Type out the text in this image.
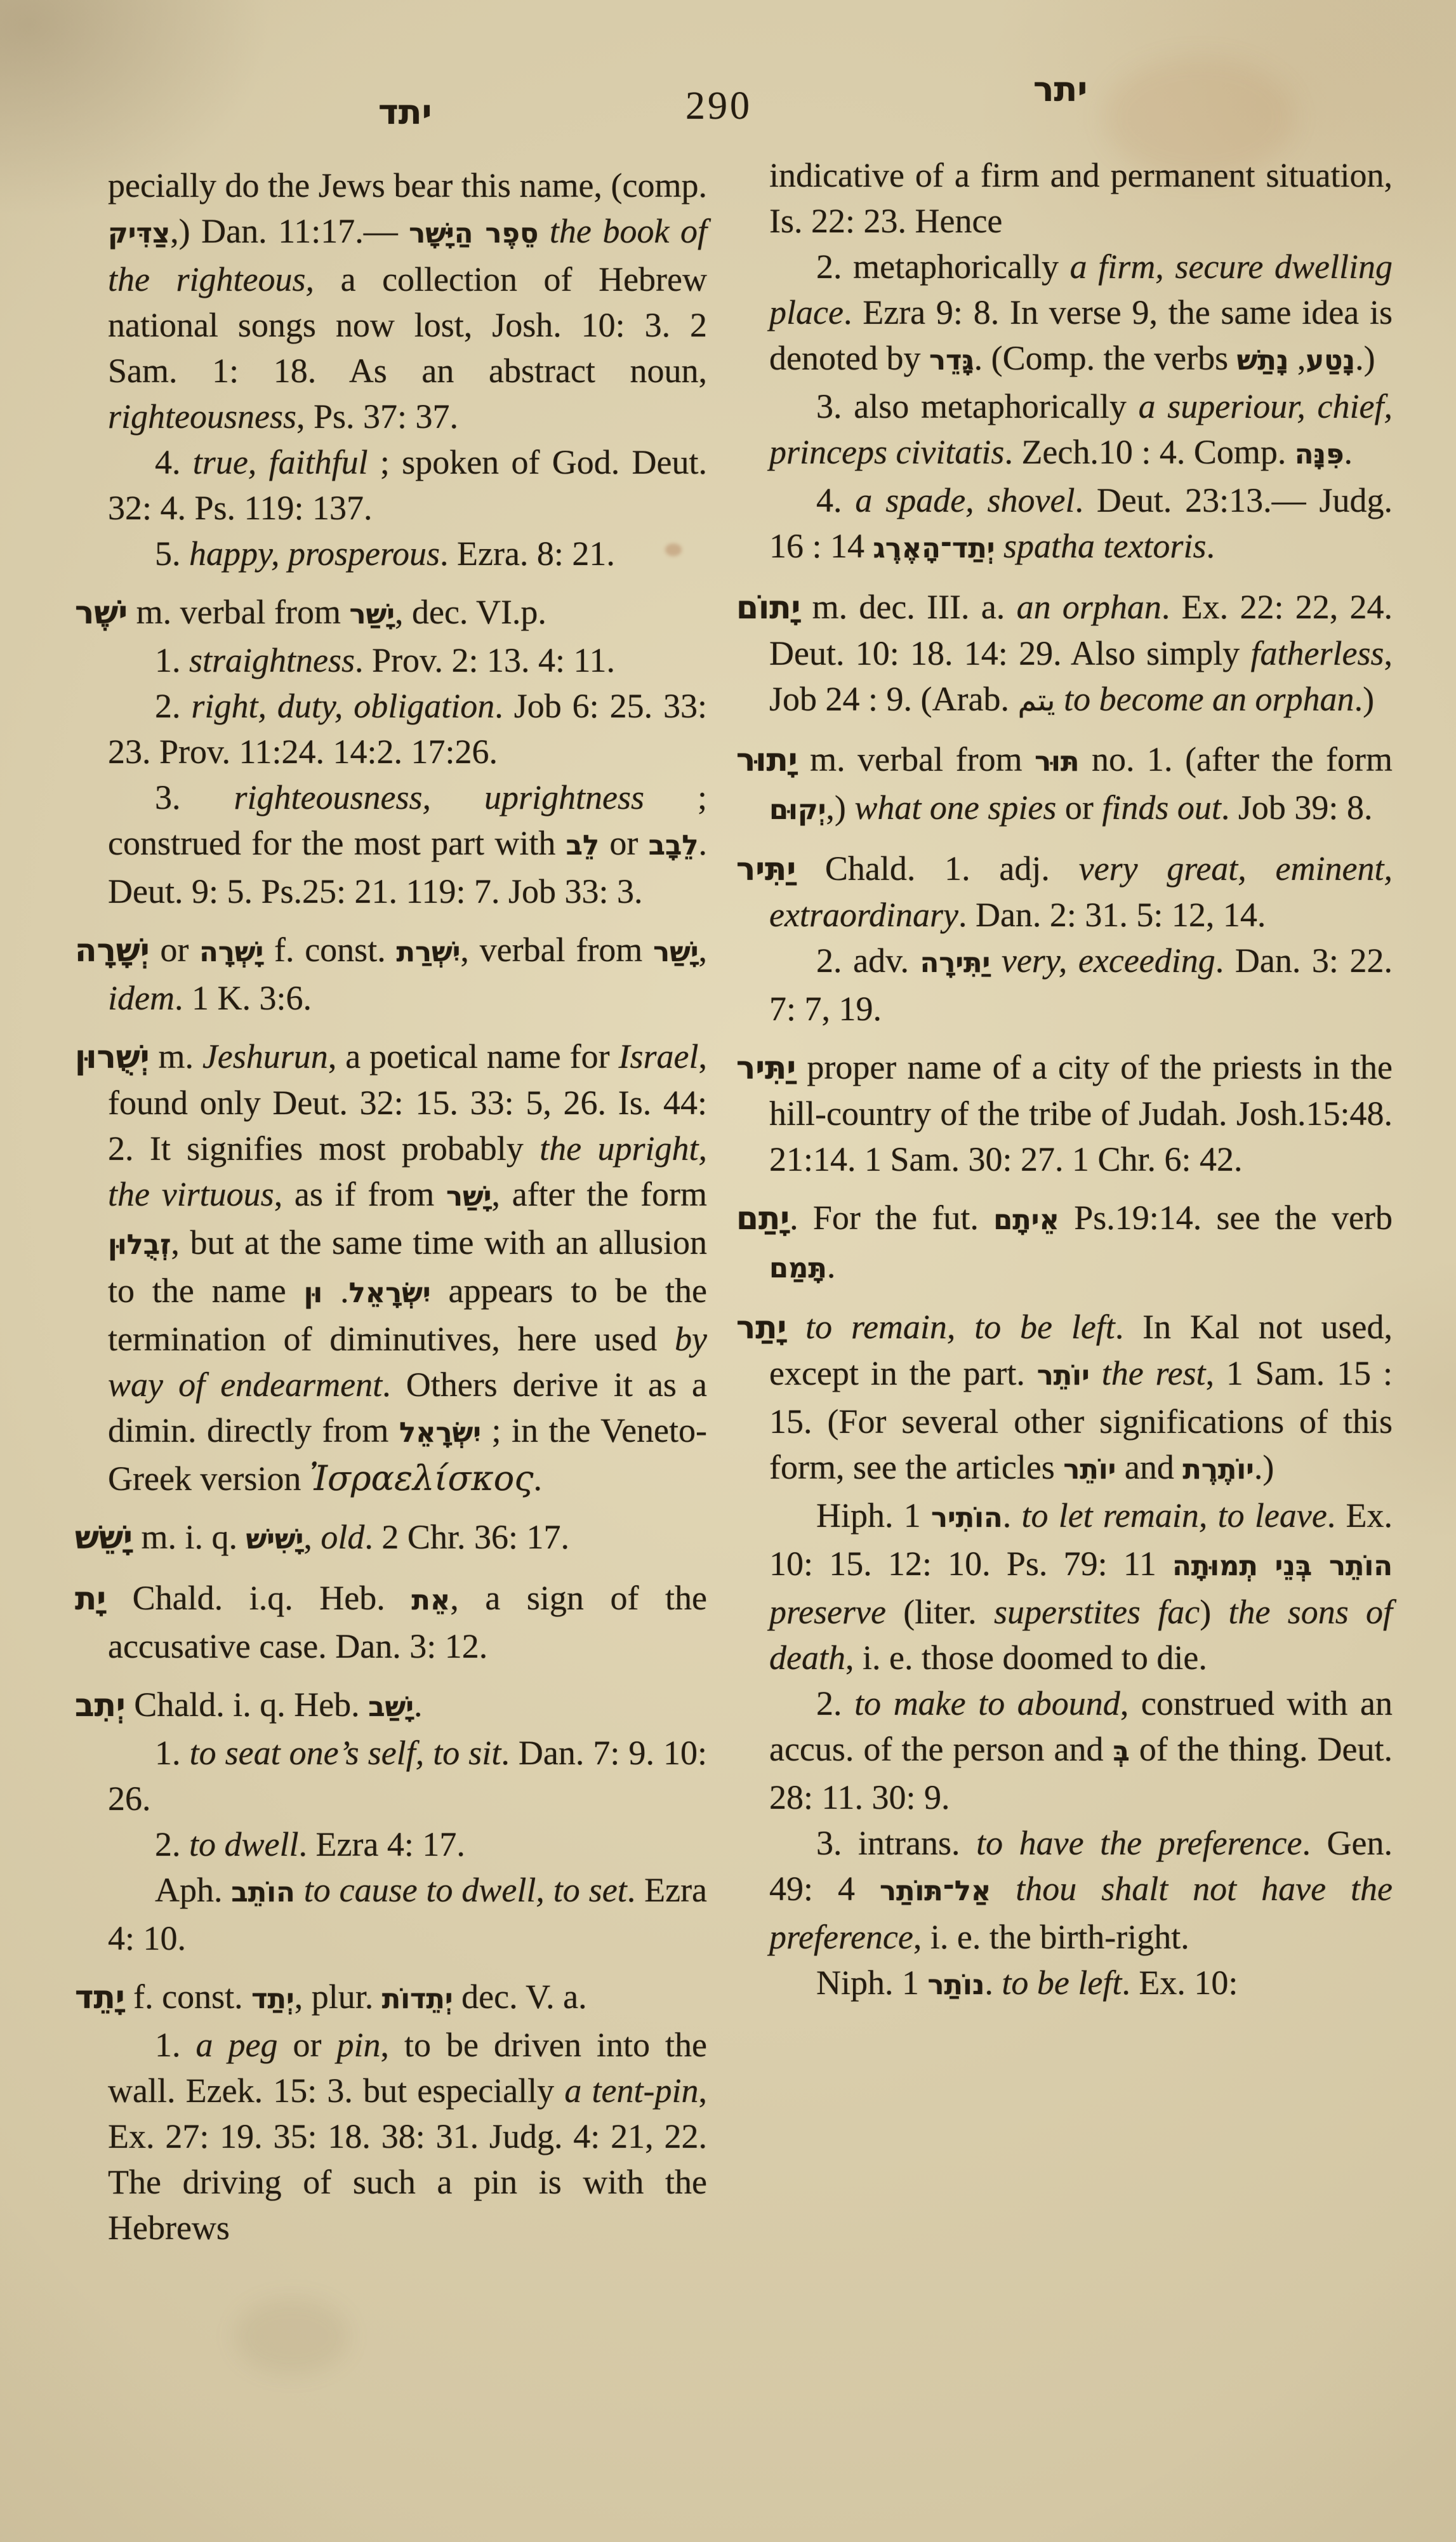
יתד	290	יתר

pecially do the Jews bear this name, (comp. צַדִּיק,) Dan. 11:17.— סֵפֶר הַיָּשָׁר the book of the righteous, a collection of Hebrew national songs now lost, Josh. 10: 3. 2 Sam. 1: 18. As an abstract noun, righteousness, Ps. 37: 37.

4. true, faithful ; spoken of God. Deut. 32: 4. Ps. 119: 137.

5. happy, prosperous. Ezra. 8: 21.

יֹשֶׁר m. verbal from יָשַׁר, dec. VI.p.

1. straightness. Prov. 2: 13. 4: 11.

2. right, duty, obligation. Job 6: 25. 33: 23. Prov. 11:24. 14:2. 17:26.

3. righteousness, uprightness ; construed for the most part with לֵב or לֵבָב. Deut. 9: 5. Ps.25: 21. 119: 7. Job 33: 3.

יְשָׁרָה or יָשְׁרָה f. const. יִשְׁרַת, verbal from יָשַׁר, idem. 1 K. 3:6.

יְשֻׁרוּן m. Jeshurun, a poetical name for Israel, found only Deut. 32: 15. 33: 5, 26. Is. 44: 2. It signifies most probably the upright, the virtuous, as if from יָשַׁר, after the form זְבֻלוּן, but at the same time with an allusion to the name יִשְׂרָאֵל. וּן	appears to be the termination of diminutives, here used by way of endearment. Others derive it as a dimin. directly from יִשְׂרָאֵל ; in the Veneto-Greek version Ἰσραελίσκος.

יָשֵׁשׁ m. i. q. יָשִׁישׁ, old. 2 Chr. 36: 17.

יָת Chald. i.q. Heb. אֵת, a sign of the accusative case. Dan. 3: 12.

יְתִב Chald. i. q. Heb. יָשַׁב.

1. to seat one’s self, to sit. Dan. 7: 9. 10: 26.

2. to dwell. Ezra 4: 17.

Aph. הוֹתֵב to cause to dwell, to set. Ezra 4: 10.

יָתֵד f. const. יְתַד, plur. יְתֵדוֹת dec. V. a.

1. a peg or pin, to be driven into the wall. Ezek. 15: 3. but especially a tent-pin, Ex. 27: 19. 35: 18. 38: 31. Judg. 4: 21, 22. The driving of such a pin is with the Hebrews

indicative of a firm and permanent situation, Is. 22: 23. Hence

2. metaphorically a firm, secure dwelling place. Ezra 9: 8. In verse 9, the same idea is denoted by גָּדֵר. (Comp. the verbs	נָטַע, נָתַשׁ .)

3. also metaphorically a superiour, chief, princeps civitatis. Zech.10 : 4. Comp. פִּנָּה.

4. a spade, shovel. Deut. 23:13.— Judg. 16 : 14 יְתַד־הָאֶרֶג spatha textoris.

יָתוֹם m. dec. III. a. an orphan. Ex. 22: 22, 24. Deut. 10: 18. 14: 29. Also simply fatherless, Job 24 : 9. (Arab. يتم to become an orphan.)

יָתוּר m. verbal from תּוּר no. 1. (after the form יְקוּם,) what one spies or finds out. Job 39: 8.

יַתִּיר Chald. 1. adj. very great, eminent, extraordinary. Dan. 2: 31. 5: 12, 14.

2. adv. יַתִּירָה very, exceeding. Dan. 3: 22. 7: 7, 19.

יַתִּיר proper name of a city of the priests in the hill-country of the tribe of Judah. Josh.15:48. 21:14. 1 Sam. 30: 27. 1 Chr. 6: 42.

יָתַם. For the fut. אֵיתָם Ps.19:14. see the verb תָּמַם.

יָתַר to remain, to be left. In Kal not used, except in the part. יוֹתֵר the rest, 1 Sam. 15 : 15. (For several other significations of this form, see the articles יוֹתֵר and יוֹתֶרֶת.)

Hiph. הוֹתִיר 1. to let remain, to leave. Ex. 10: 15. 12: 10. Ps. 79: 11 הוֹתֵר בְּנֵי תְמוּתָה preserve (liter. superstites fac) the sons of death, i. e. those doomed to die.

2. to make to abound, construed with an accus. of the person and בְּ of the thing. Deut. 28: 11. 30: 9.

3. intrans. to have the preference. Gen. 49: 4 אַל־תּוֹתַר thou shalt not have the preference, i. e. the birth-right.

Niph. נוֹתַר 1. to be left. Ex. 10:
